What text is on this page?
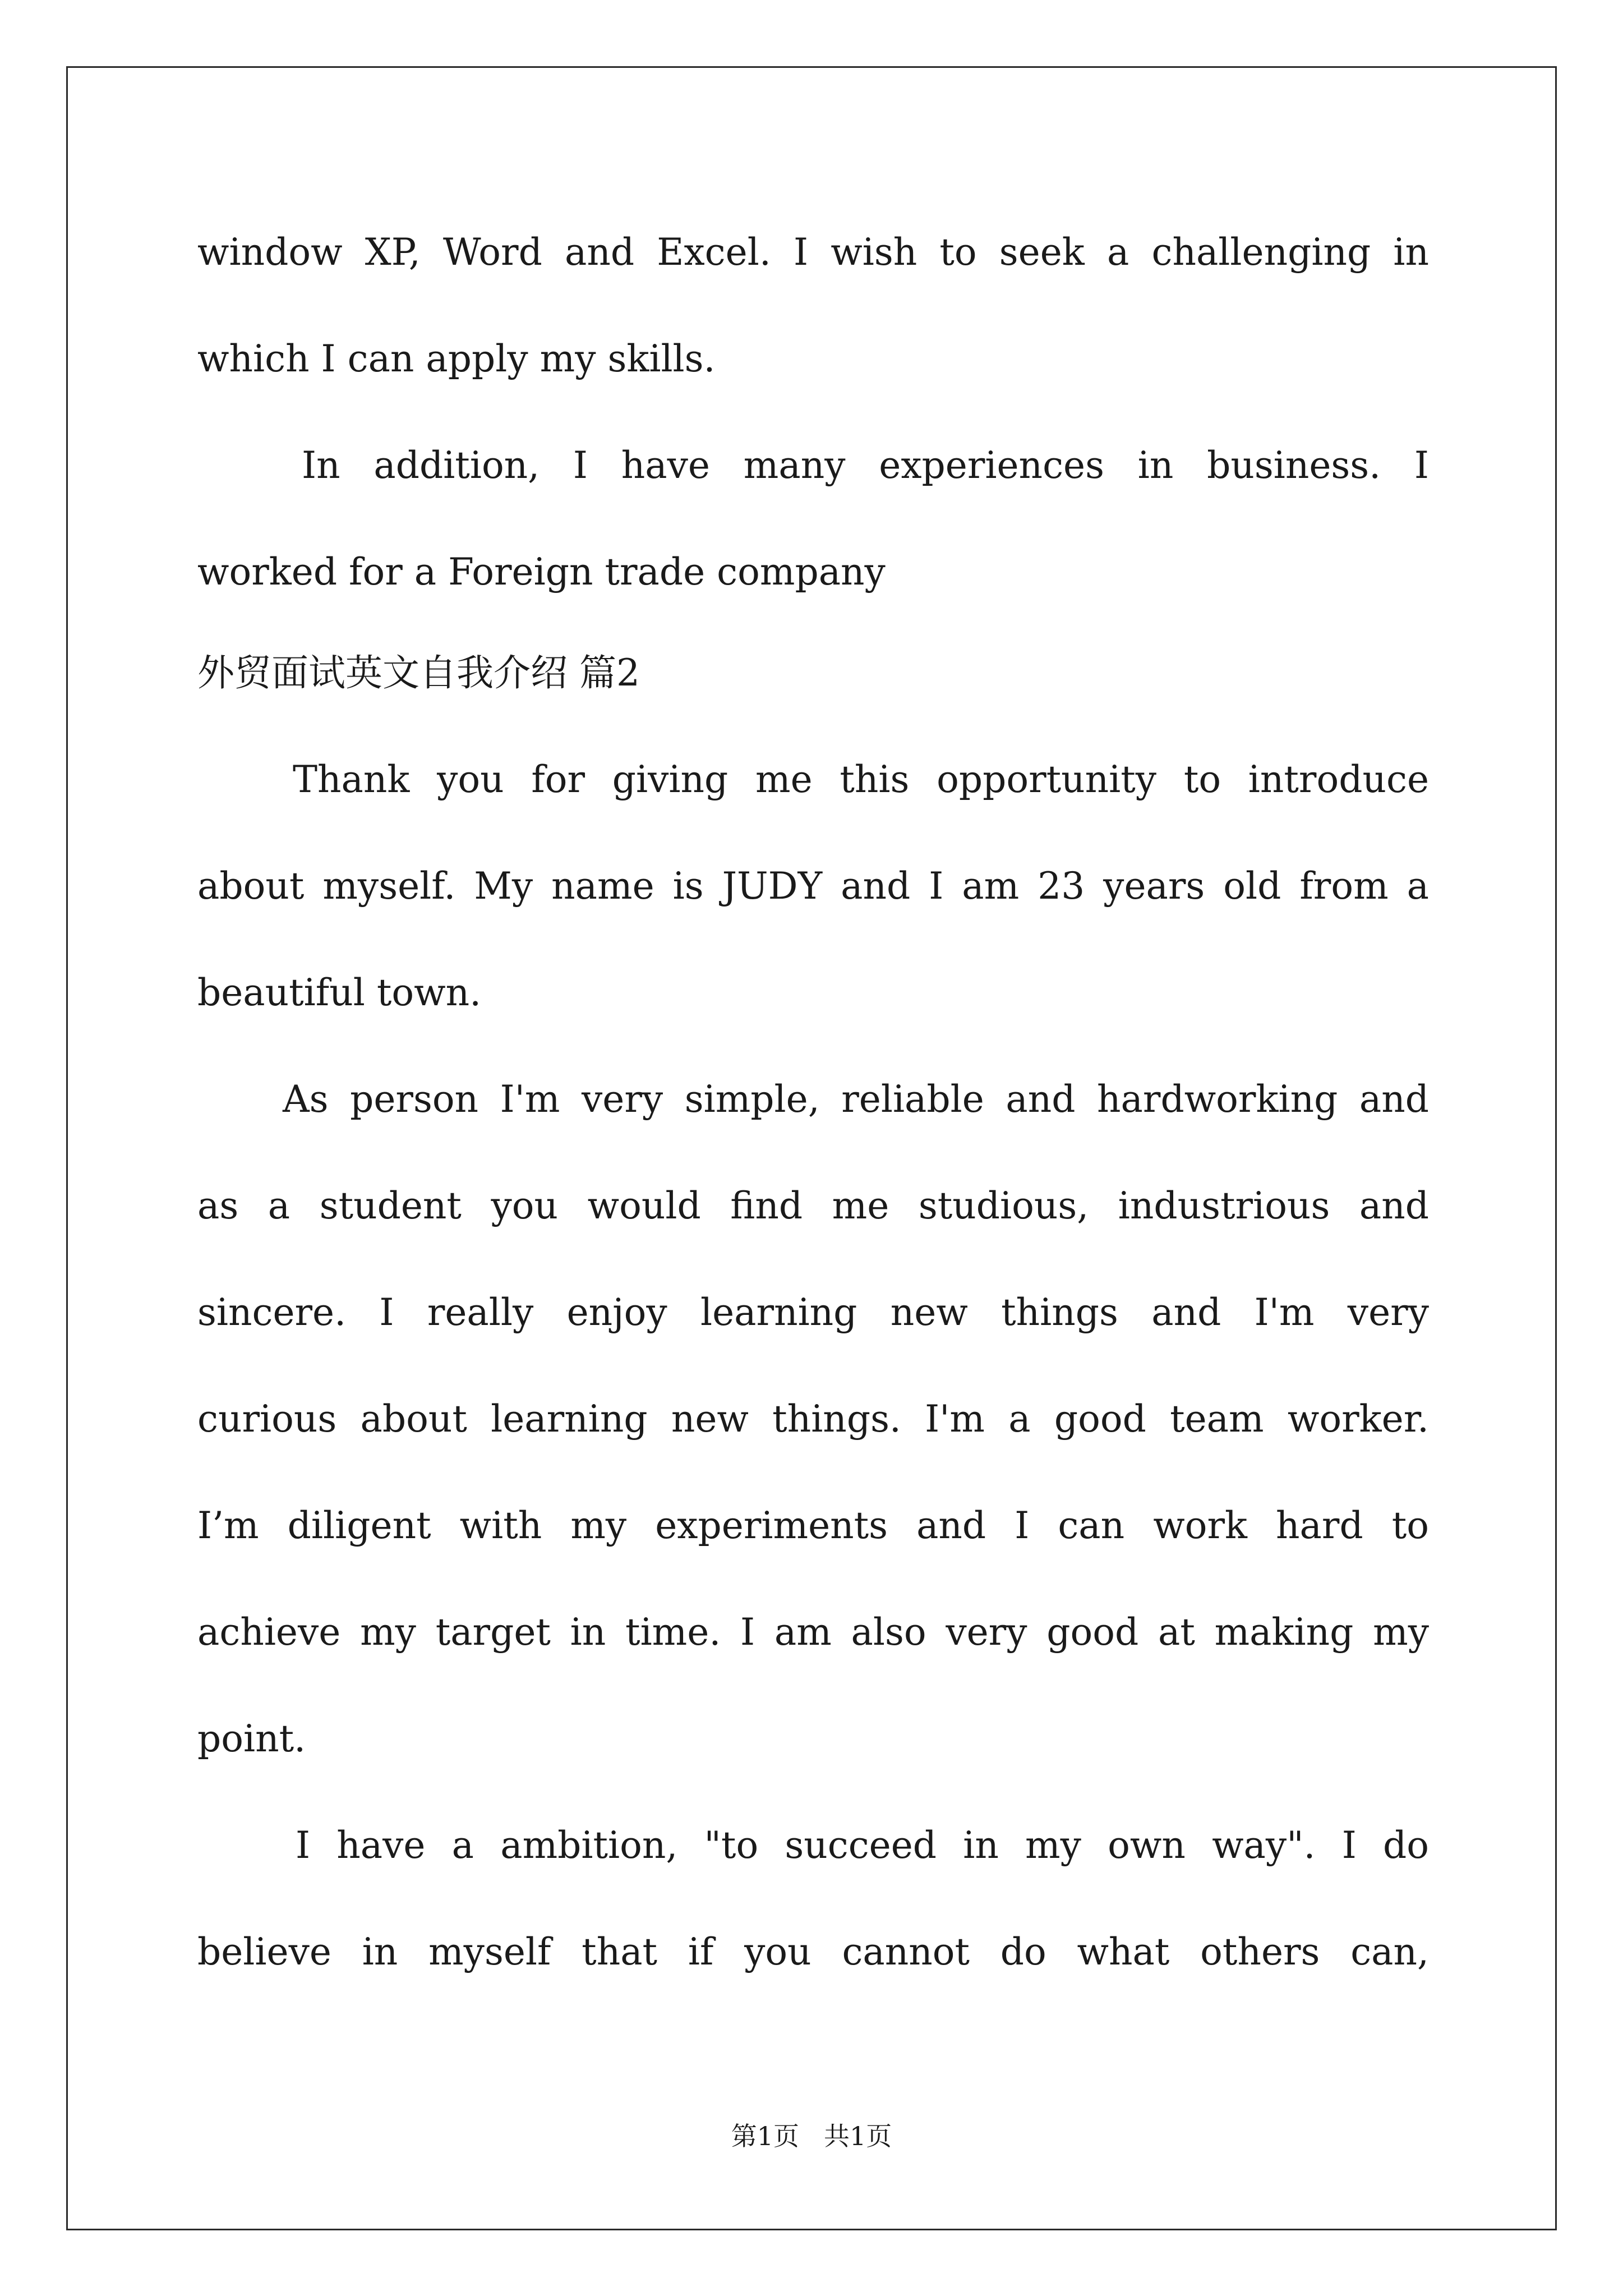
window XP, Word and Excel. I wish to seek a challenging in
which I can apply my skills.
In addition, I have many experiences in business. I
worked for a Foreign trade company
外贸面试英文自我介绍 篇2
Thank you for giving me this opportunity to introduce
about myself. My name is JUDY and I am 23 years old from a
beautiful town.
As person I'm very simple, reliable and hardworking and
as a student you would find me studious, industrious and
sincere. I really enjoy learning new things and I'm very
curious about learning new things. I'm a good team worker.
I’m diligent with my experiments and I can work hard to
achieve my target in time. I am also very good at making my
point.
I have a ambition, "to succeed in my own way". I do
believe in myself that if you cannot do what others can,
第1页 共1页
